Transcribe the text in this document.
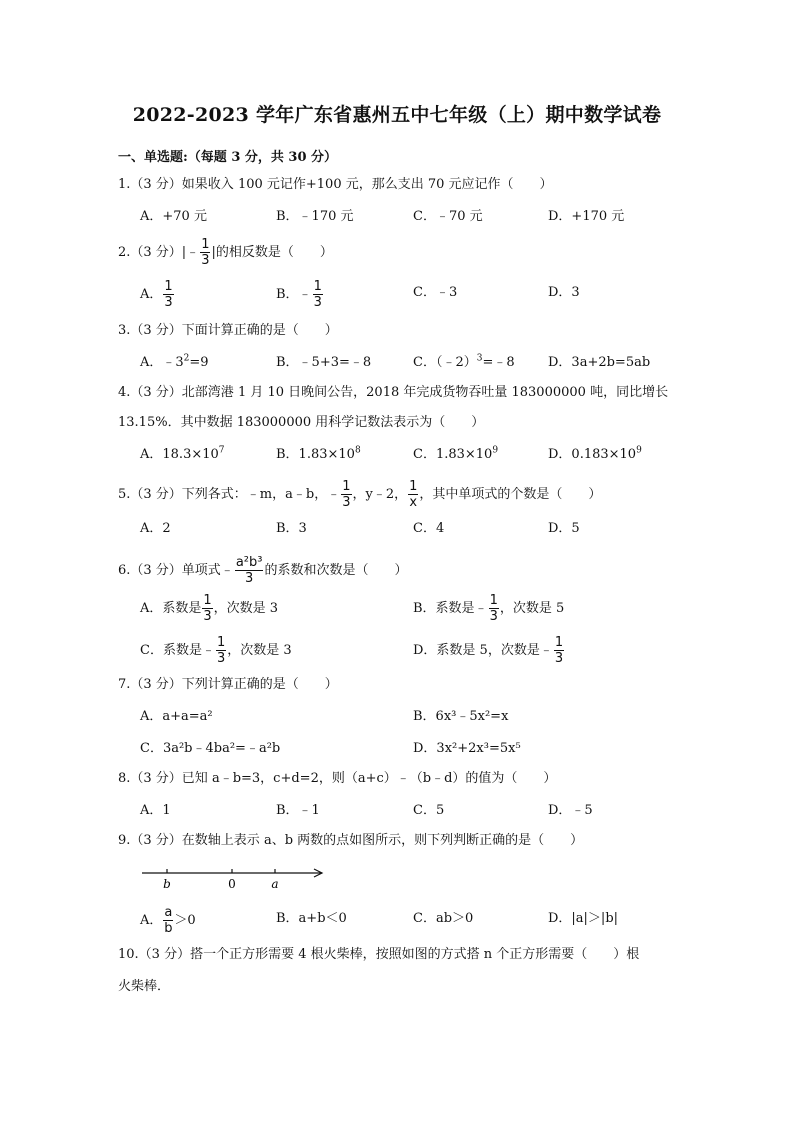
2022-2023 学年广东省惠州五中七年级（上）期中数学试卷
一、单选题:（每题 3 分，共 30 分）
1.（3 分）如果收入 100 元记作+100 元，那么支出 70 元应记作（　　）
A．+70 元	B．﹣170 元	C．﹣70 元	D．+170 元
2.（3 分）|﹣ $\frac{1}{3}$ |的相反数是（　　）
A． $\frac{1}{3}$	B．﹣ $\frac{1}{3}$	C．﹣3	D．3
3.（3 分）下面计算正确的是（　　）
A．$﹣3^2=9$	B．﹣5+3=﹣8	C．（﹣2）$^3$=﹣8	D．3a+2b=5ab
4.（3 分）北部湾港 1 月 10 日晚间公告，2018 年完成货物吞吐量 183000000 吨，同比增长
13.15%．其中数据 183000000 用科学记数法表示为（　　）
A．$18.3\times 10^7$	B．$1.83\times 10^8$	C．$1.83\times 10^9$	D．$0.183\times 10^9$
5.（3 分）下列各式：﹣m，a﹣b，﹣ $\frac{1}{3}$ ，y﹣2， $\frac{1}{x}$ ，其中单项式的个数是（　　）
A．2	B．3	C．4	D．5
6.（3 分）单项式﹣ $\frac{\text{a²b³}}{3}$ 的系数和次数是（　　）
A．系数是 $\frac{1}{3}$ ，次数是 3	B．系数是﹣ $\frac{1}{3}$ ，次数是 5
C．系数是﹣ $\frac{1}{3}$ ，次数是 3	D．系数是 5，次数是﹣ $\frac{1}{3}$
7.（3 分）下列计算正确的是（　　）
A．a+a=a²	B．6x³﹣5x²=x
C．3a²b﹣4ba²=﹣a²b	D．3x²+2x³=5x⁵
8.（3 分）已知 a﹣b=3，c+d=2，则（a+c）﹣（b﹣d）的值为（　　）
A．1	B．﹣1	C．5	D．﹣5
9.（3 分）在数轴上表示 a、b 两数的点如图所示，则下列判断正确的是（　　）
b	0	a
A． $\frac{a}{b} >0$	B．a+b＜0	C．ab＞0	D．|a|＞|b|
10.（3 分）搭一个正方形需要 4 根火柴棒，按照如图的方式搭 n 个正方形需要（　　）根
火柴棒．
